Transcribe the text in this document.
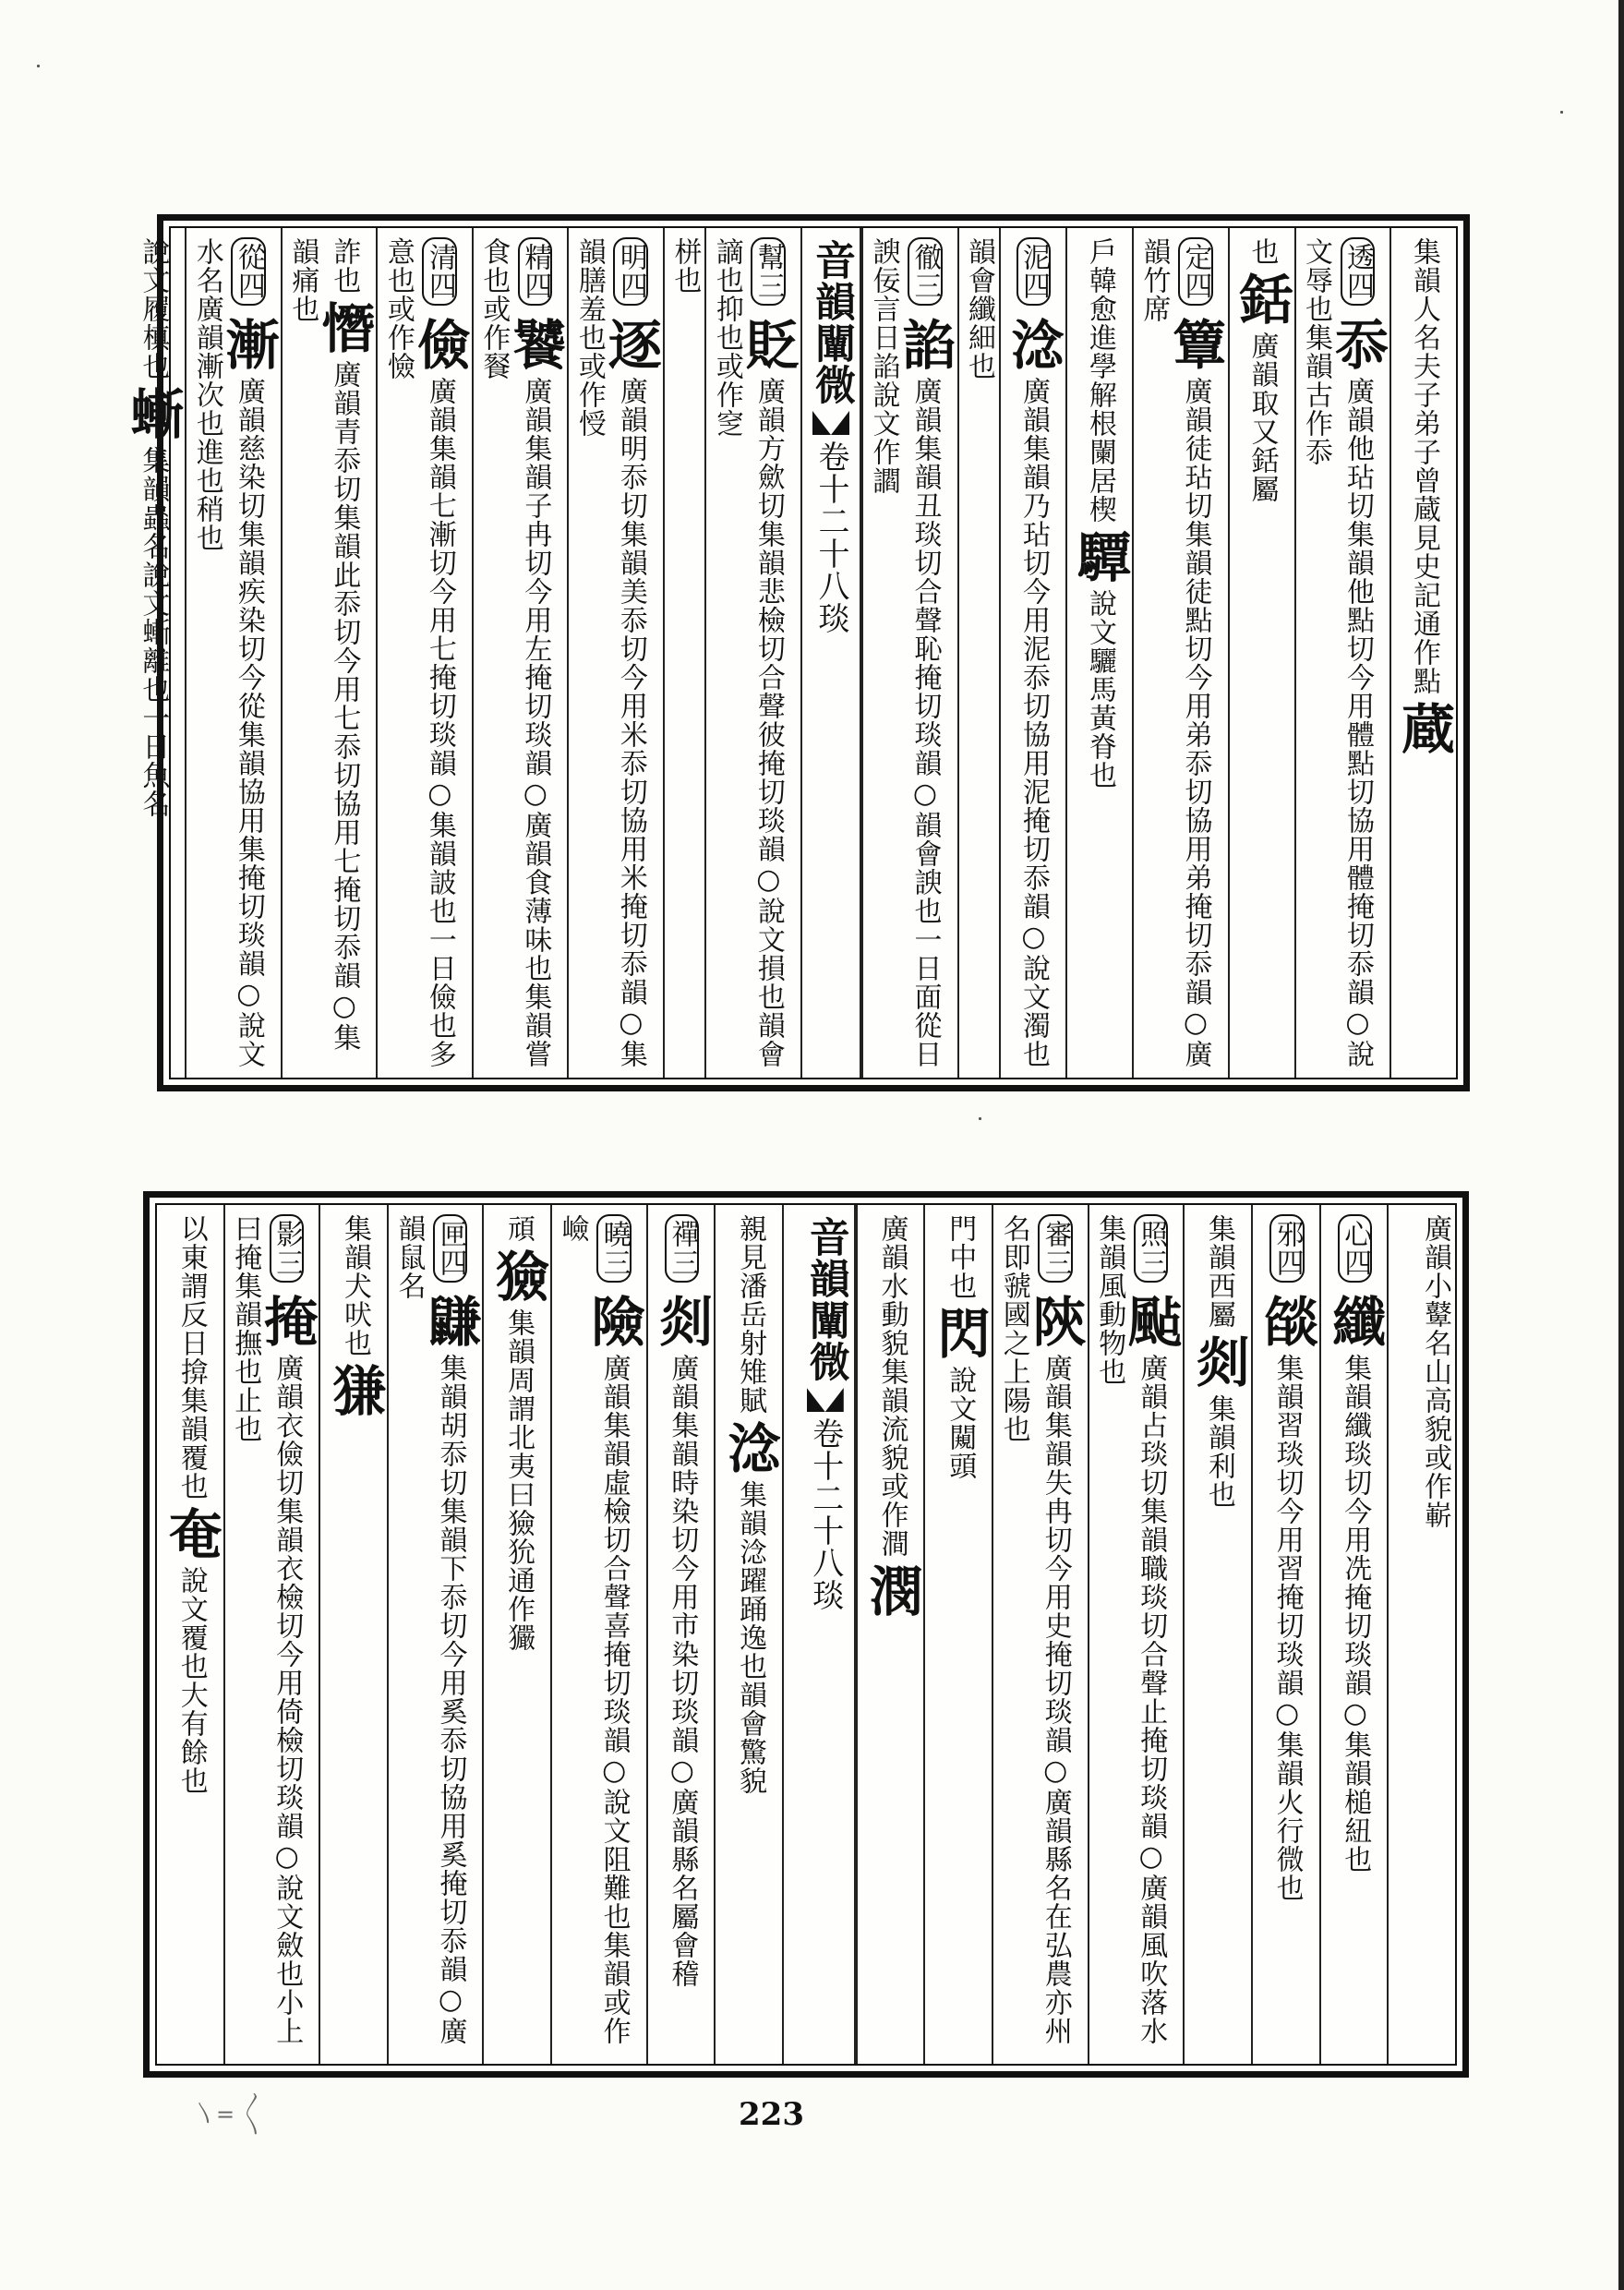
集韻人名夫子弟子曾蔵見史記通作點蔵
透四忝廣韻他玷切集韻他點切今用體點切協用體掩切忝韻○說文辱也集韻古作忝
也銛廣韻取又銛屬
定四簟廣韻徒玷切集韻徒點切今用弟忝切協用弟掩切忝韻○廣韻竹席
戶韓愈進學解根闌居楔驔說文驪馬黃脊也
泥四淰廣韻集韻乃玷切今用泥忝切協用泥掩切忝韻○說文濁也
韻會纖細也
徹三諂廣韻集韻丑琰切合聲恥掩切琰韻○韻會諛也一日面從日諛佞言日諂說文作讇
音韻闡微卷十二十八琰
幫三貶廣韻方歛切集韻悲檢切合聲彼掩切琰韻○說文損也韻會謫也抑也或作窆
栟也
明四逐廣韻明忝切集韻美忝切今用米忝切協用米掩切忝韻○集韻膳羞也或作㥅
精四饕廣韻集韻子冉切今用左掩切琰韻○廣韻食薄味也集韻嘗食也或作䬸
清四儉廣韻集韻七漸切今用七掩切琰韻○集韻詖也一日儉也多意也或作憸
詐也憯廣韻青忝切集韻此忝切今用七忝切協用七掩切忝韻○集韻痛也
從四漸廣韻慈染切集韻疾染切今從集韻協用集掩切琰韻○說文水名廣韻漸次也進也稍也
說文履槙也螹集韻蟲名說文螹離也一日魚名
廣韻小鼙名山高貌或作嶄
心四纖集韻纖琰切今用冼掩切琰韻○集韻槌紐也
邪四燄集韻習琰切今用習掩切琰韻○集韻火行微也
集韻西屬剡集韻利也
照三颭廣韻占琰切集韻職琰切合聲止掩切琰韻○廣韻風吹落水集韻風動物也
審三陝廣韻集韻失冉切今用史掩切琰韻○廣韻縣名在弘農亦州名即虢國之上陽也
門中也閃說文闚頭
廣韻水動貌集韻流貌或作澗潣
音韻闡微卷十二十八琰
親見潘岳射雉賦淰集韻淰躍踊逸也韻會驚貌
禪三剡廣韻集韻時染切今用市染切琰韻○廣韻縣名屬會稽
曉三險廣韻集韻虛檢切合聲喜掩切琰韻○說文阻難也集韻或作嶮
頑獫集韻周謂北夷曰獫狁通作玁
匣四鼸集韻胡忝切集韻下忝切今用奚忝切協用奚掩切忝韻○廣韻鼠名
集韻犬吠也㺌
影三掩廣韻衣儉切集韻衣檢切今用倚檢切琰韻○說文斂也小上曰掩集韻撫也止也
以東謂反日揜集韻覆也奄說文覆也大有餘也
〵= 〱	223
